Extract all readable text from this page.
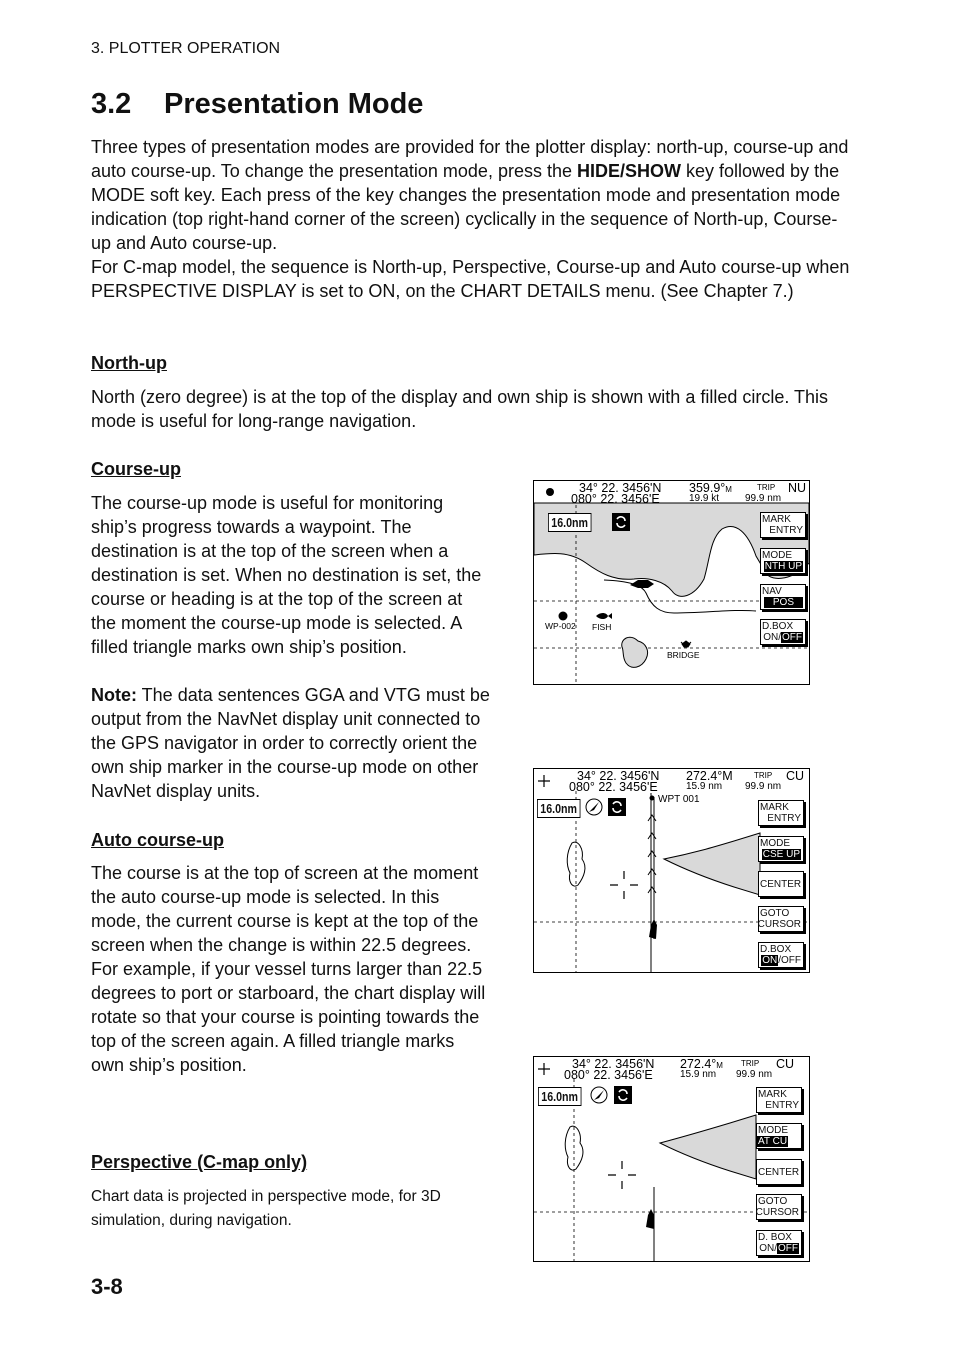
3. PLOTTER OPERATION
3.2 Presentation Mode

Three types of presentation modes are provided for the plotter display: north-up, course-up and auto course-up. To change the presentation mode, press the HIDE/SHOW key followed by the MODE soft key. Each press of the key changes the presentation mode and presentation mode indication (top right-hand corner of the screen) cyclically in the sequence of North-up, Course-up and Auto course-up.

For C-map model, the sequence is North-up, Perspective, Course-up and Auto course-up when PERSPECTIVE DISPLAY is set to ON, on the CHART DETAILS menu. (See Chapter 7.)

North-up

North (zero degree) is at the top of the display and own ship is shown with a filled circle. This mode is useful for long-range navigation.

Course-up

The course-up mode is useful for monitoring ship’s progress towards a waypoint. The destination is at the top of the screen when a destination is set. When no destination is set, the course or heading is at the top of the screen at the moment the course-up mode is selected. A filled triangle marks own ship’s position.

Note: The data sentences GGA and VTG must be output from the NavNet display unit connected to the GPS navigator in order to correctly orient the own ship marker in the course-up mode on other NavNet display units.

Auto course-up

The course is at the top of screen at the moment the auto course-up mode is selected. In this mode, the current course is kept at the top of the screen when the change is within 22.5 degrees. For example, if your vessel turns larger than 22.5 degrees to port or starboard, the chart display will rotate so that your course is pointing towards the top of the screen again. A filled triangle marks own ship’s position.

Perspective (C-map only)

Chart data is projected in perspective mode, for 3D simulation, during navigation.

3-8
34° 22. 3456'N
080° 22. 3456'E
359.9°M
19.9 kt
TRIP
99.9 nm
NU
16.0nm	MARK
ENTRY
MODE
NTH UP
NAV
POS
D.BOX
ON/OFF
WP-002 FISH
BRIDGE
34° 22. 3456'N
080° 22. 3456'E
272.4°M
15.9 nm
TRIP
99.9 nm
CU
16.0nm
WPT 001
MARK
ENTRY
MODE
CSE UP
CENTER
GOTO
CURSOR
D.BOX
ON/OFF
34° 22. 3456'N
080° 22. 3456'E
272.4°M
15.9 nm
TRIP
99.9 nm
CU
16.0nm	MARK
ENTRY
MODE
AT CU
CENTER
GOTO
CURSOR
D. BOX
ON/OFF
